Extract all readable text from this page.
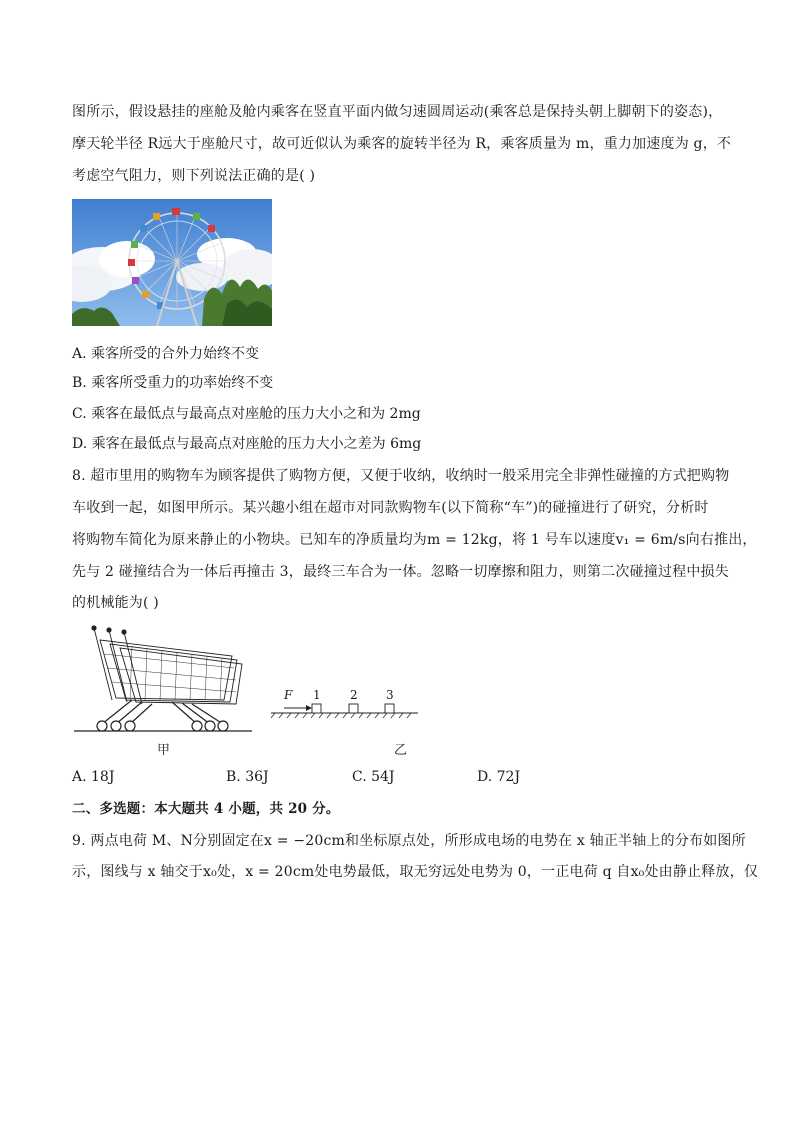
图所示，假设悬挂的座舱及舱内乘客在竖直平面内做匀速圆周运动(乘客总是保持头朝上脚朝下的姿态)，
摩天轮半径 R远大于座舱尺寸，故可近似认为乘客的旋转半径为 R，乘客质量为 m，重力加速度为 g，不
考虑空气阻力，则下列说法正确的是( )
A. 乘客所受的合外力始终不变
B. 乘客所受重力的功率始终不变
C. 乘客在最低点与最高点对座舱的压力大小之和为 2mg
D. 乘客在最低点与最高点对座舱的压力大小之差为 6mg
8. 超市里用的购物车为顾客提供了购物方便，又便于收纳，收纳时一般采用完全非弹性碰撞的方式把购物
车收到一起，如图甲所示。某兴趣小组在超市对同款购物车(以下简称“车”)的碰撞进行了研究，分析时
将购物车简化为原来静止的小物块。已知车的净质量均为m = 12kg，将 1 号车以速度v₁ = 6m/s向右推出，
先与 2 碰撞结合为一体后再撞击 3，最终三车合为一体。忽略一切摩擦和阻力，则第二次碰撞过程中损失
的机械能为( )
F 1 2 3
甲	乙
A. 18J	B. 36J	C. 54J	D. 72J
二、多选题：本大题共 4 小题，共 20 分。
9. 两点电荷 M、N分别固定在x = −20cm和坐标原点处，所形成电场的电势在 x 轴正半轴上的分布如图所
示，图线与 x 轴交于x₀处，x = 20cm处电势最低，取无穷远处电势为 0，一正电荷 q 自x₀处由静止释放，仅
